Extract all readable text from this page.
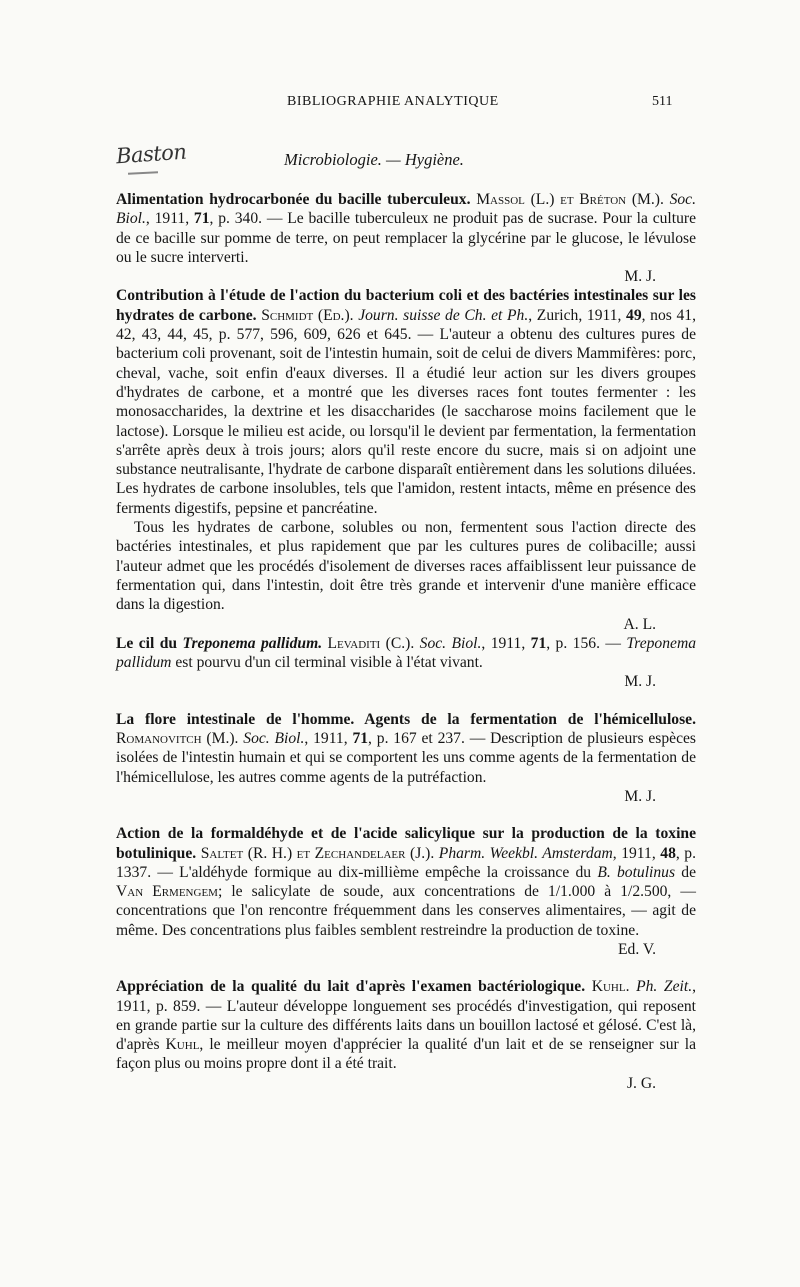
BIBLIOGRAPHIE ANALYTIQUE	511
Baston	Microbiologie. — Hygiène.

Alimentation hydrocarbonée du bacille tuberculeux. Massol (L.) et Bréton (M.). Soc. Biol., 1911, 71, p. 340. — Le bacille tuberculeux ne produit pas de sucrase. Pour la culture de ce bacille sur pomme de terre, on peut remplacer la glycérine par le glucose, le lévulose ou le sucre interverti.

M. J.

Contribution à l'étude de l'action du bacterium coli et des bactéries intestinales sur les hydrates de carbone. Schmidt (Ed.). Journ. suisse de Ch. et Ph., Zurich, 1911, 49, nos 41, 42, 43, 44, 45, p. 577, 596, 609, 626 et 645. — L'auteur a obtenu des cultures pures de bacterium coli provenant, soit de l'intestin humain, soit de celui de divers Mammifères: porc, cheval, vache, soit enfin d'eaux diverses. Il a étudié leur action sur les divers groupes d'hydrates de carbone, et a montré que les diverses races font toutes fermenter : les monosaccharides, la dextrine et les disaccharides (le saccharose moins facilement que le lactose). Lorsque le milieu est acide, ou lorsqu'il le devient par fermentation, la fermentation s'arrête après deux à trois jours; alors qu'il reste encore du sucre, mais si on adjoint une substance neutralisante, l'hydrate de carbone disparaît entièrement dans les solutions diluées. Les hydrates de carbone insolubles, tels que l'amidon, restent intacts, même en présence des ferments digestifs, pepsine et pancréatine.

Tous les hydrates de carbone, solubles ou non, fermentent sous l'action directe des bactéries intestinales, et plus rapidement que par les cultures pures de colibacille; aussi l'auteur admet que les procédés d'isolement de diverses races affaiblissent leur puissance de fermentation qui, dans l'intestin, doit être très grande et intervenir d'une manière efficace dans la digestion.

A. L.

Le cil du Treponema pallidum. Levaditi (C.). Soc. Biol., 1911, 71, p. 156. — Treponema pallidum est pourvu d'un cil terminal visible à l'état vivant.

M. J.

La flore intestinale de l'homme. Agents de la fermentation de l'hémicellulose. Romanovitch (M.). Soc. Biol., 1911, 71, p. 167 et 237. — Description de plusieurs espèces isolées de l'intestin humain et qui se comportent les uns comme agents de la fermentation de l'hémicellulose, les autres comme agents de la putréfaction.

M. J.

Action de la formaldéhyde et de l'acide salicylique sur la production de la toxine botulinique. Saltet (R. H.) et Zechandelaer (J.). Pharm. Weekbl. Amsterdam, 1911, 48, p. 1337. — L'aldéhyde formique au dix-millième empêche la croissance du B. botulinus de Van Ermengem; le salicylate de soude, aux concentrations de 1/1.000 à 1/2.500, — concentrations que l'on rencontre fréquemment dans les conserves alimentaires, — agit de même. Des concentrations plus faibles semblent restreindre la production de toxine.

Ed. V.

Appréciation de la qualité du lait d'après l'examen bactériologique. Kuhl. Ph. Zeit., 1911, p. 859. — L'auteur développe longuement ses procédés d'investigation, qui reposent en grande partie sur la culture des différents laits dans un bouillon lactosé et gélosé. C'est là, d'après Kuhl, le meilleur moyen d'apprécier la qualité d'un lait et de se renseigner sur la façon plus ou moins propre dont il a été trait.

J. G.
